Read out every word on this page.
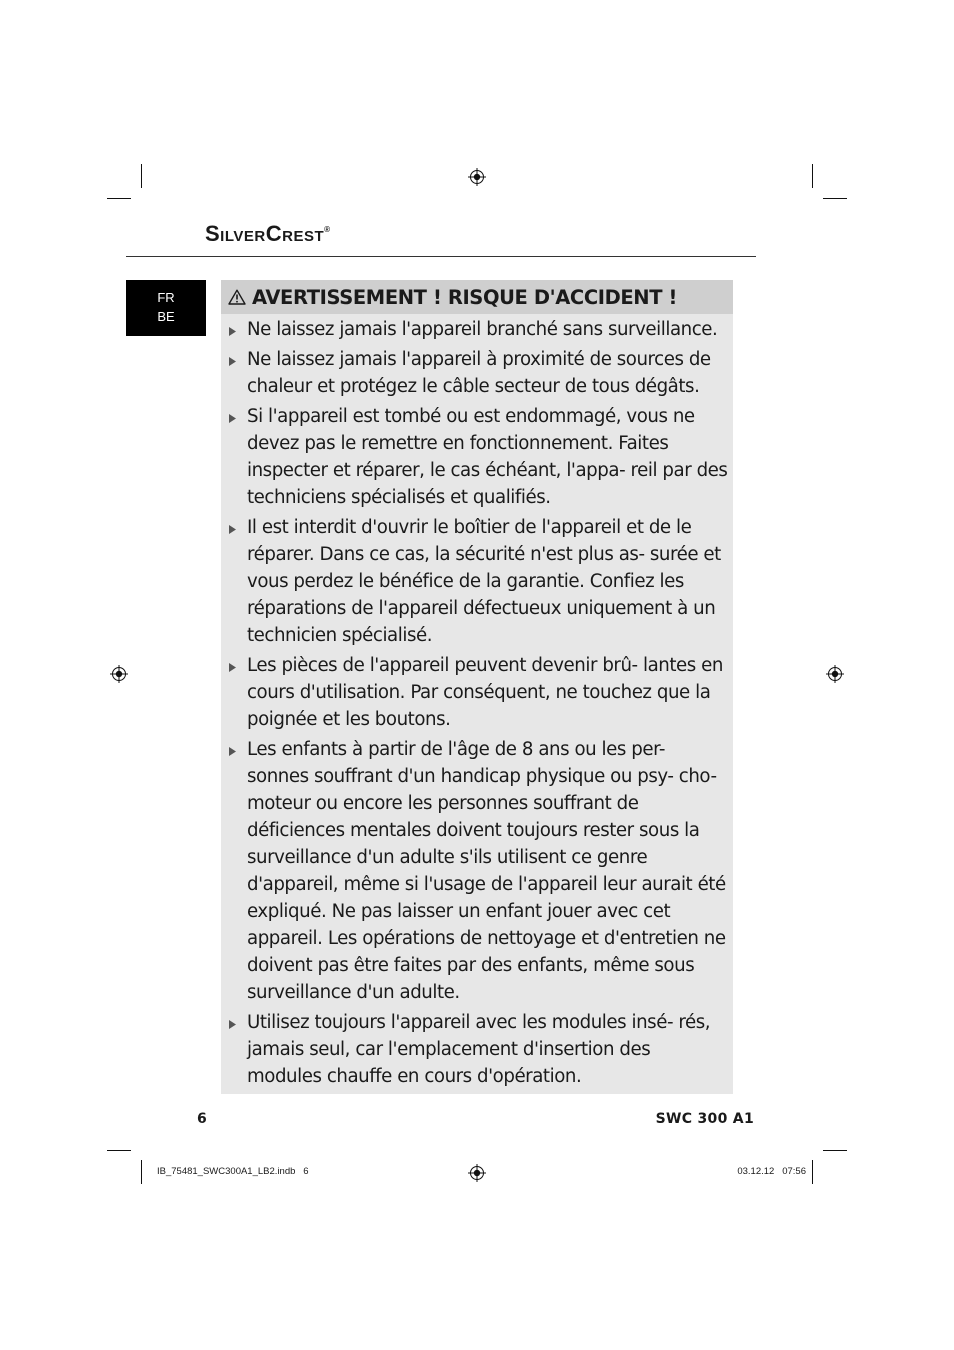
SilverCrest®
FR
BE
AVERTISSEMENT ! RISQUE D'ACCIDENT !
Ne laissez jamais l'appareil branché sans surveillance.
Ne laissez jamais l'appareil à proximité de sources de chaleur et protégez le câble secteur de tous dégâts.
Si l'appareil est tombé ou est endommagé, vous ne devez pas le remettre en fonctionnement. Faites inspecter et réparer, le cas échéant, l'appa- reil par des techniciens spécialisés et qualifiés.
Il est interdit d'ouvrir le boîtier de l'appareil et de le réparer. Dans ce cas, la sécurité n'est plus as- surée et vous perdez le bénéfice de la garantie. Confiez les réparations de l'appareil défectueux uniquement à un technicien spécialisé.
Les pièces de l'appareil peuvent devenir brû- lantes en cours d'utilisation. Par conséquent, ne touchez que la poignée et les boutons.
Les enfants à partir de l'âge de 8 ans ou les per- sonnes souffrant d'un handicap physique ou psy- cho-moteur ou encore les personnes souffrant de déficiences mentales doivent toujours rester sous la surveillance d'un adulte s'ils utilisent ce genre d'appareil, même si l'usage de l'appareil leur aurait été expliqué. Ne pas laisser un enfant jouer avec cet appareil. Les opérations de nettoyage et d'entretien ne doivent pas être faites par des enfants, même sous surveillance d'un adulte.
Utilisez toujours l'appareil avec les modules insé- rés, jamais seul, car l'emplacement d'insertion des modules chauffe en cours d'opération.
6	SWC 300 A1
IB_75481_SWC300A1_LB2.indb   6	03.12.12   07:56
